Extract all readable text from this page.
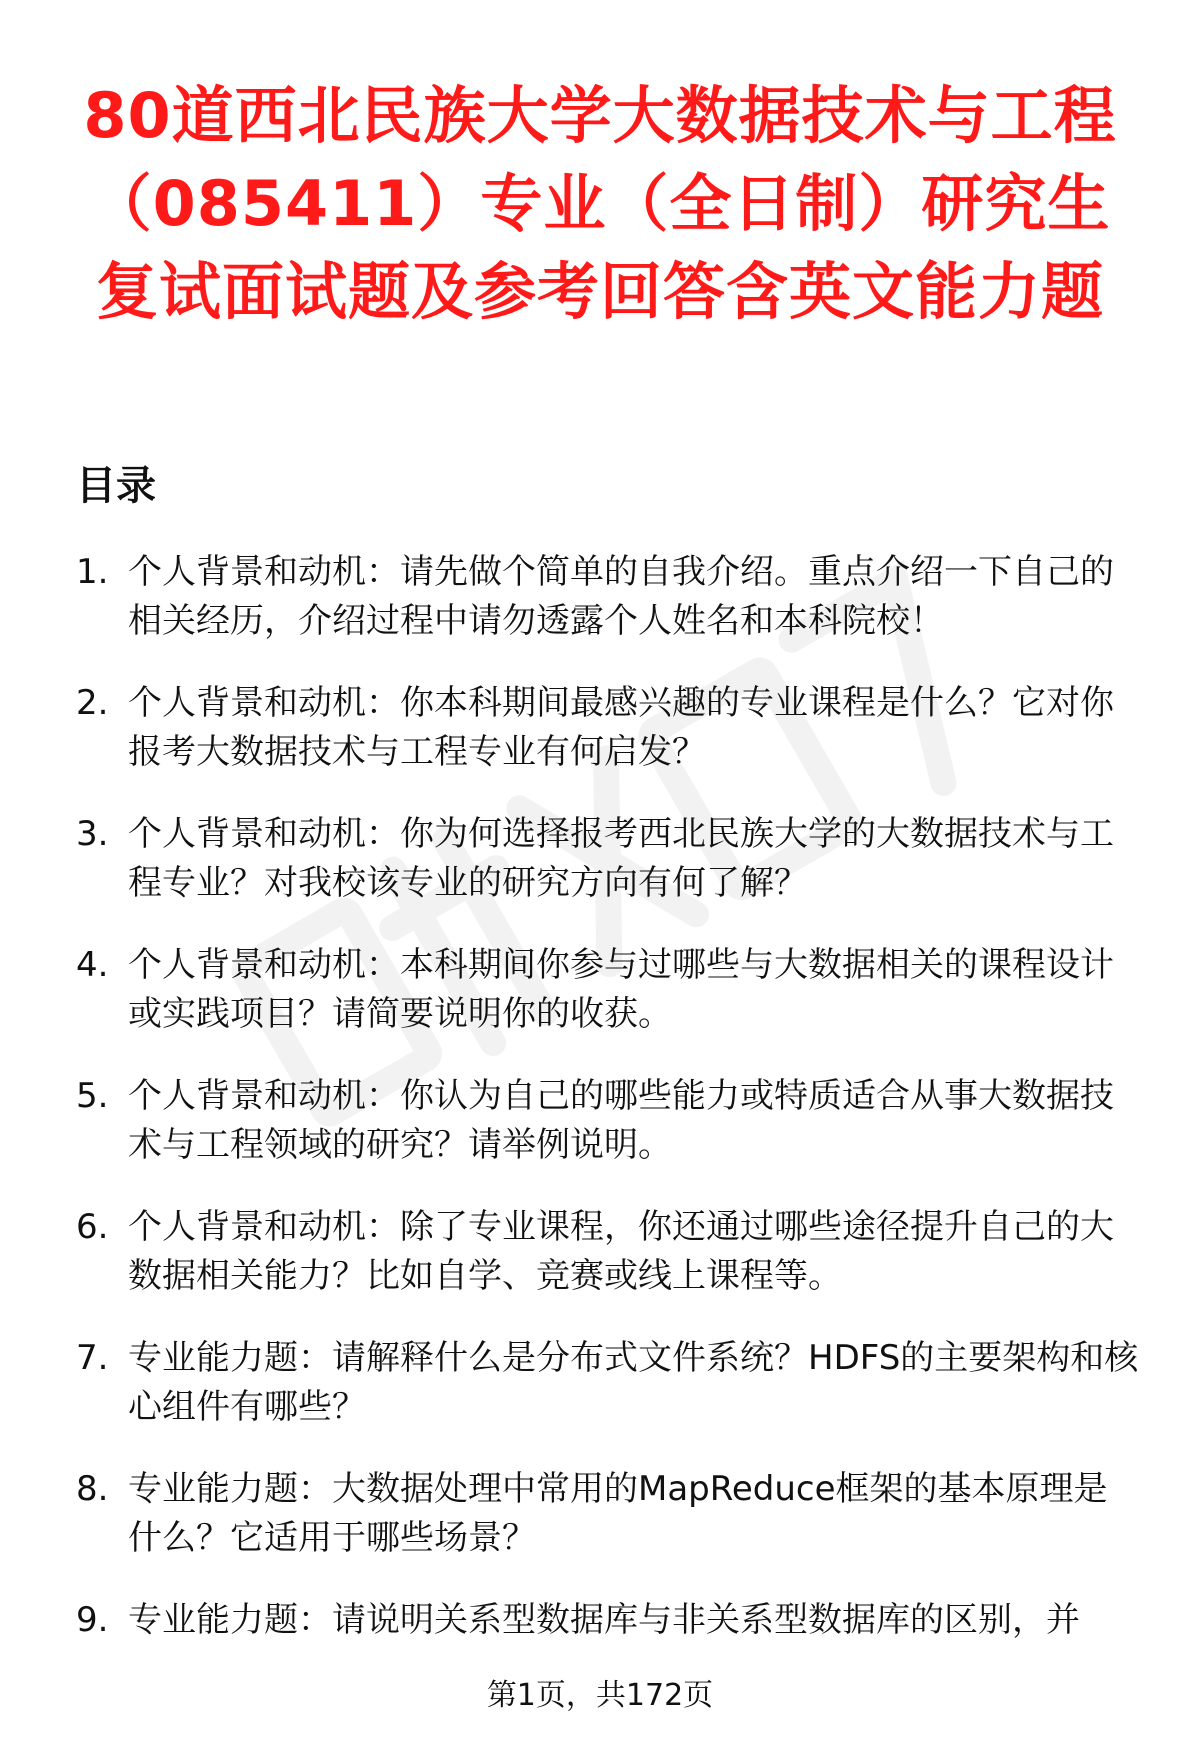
80道西北民族大学大数据技术与工程（085411）专业（全日制）研究生复试面试题及参考回答含英文能力题
目录
1. 个人背景和动机：请先做个简单的自我介绍。重点介绍一下自己的相关经历，介绍过程中请勿透露个人姓名和本科院校！
2. 个人背景和动机：你本科期间最感兴趣的专业课程是什么？它对你报考大数据技术与工程专业有何启发？
3. 个人背景和动机：你为何选择报考西北民族大学的大数据技术与工程专业？对我校该专业的研究方向有何了解？
4. 个人背景和动机：本科期间你参与过哪些与大数据相关的课程设计或实践项目？请简要说明你的收获。
5. 个人背景和动机：你认为自己的哪些能力或特质适合从事大数据技术与工程领域的研究？请举例说明。
6. 个人背景和动机：除了专业课程，你还通过哪些途径提升自己的大数据相关能力？比如自学、竞赛或线上课程等。
7. 专业能力题：请解释什么是分布式文件系统？HDFS的主要架构和核心组件有哪些？
8. 专业能力题：大数据处理中常用的MapReduce框架的基本原理是什么？它适用于哪些场景？
9. 专业能力题：请说明关系型数据库与非关系型数据库的区别，并
第1页，共172页
